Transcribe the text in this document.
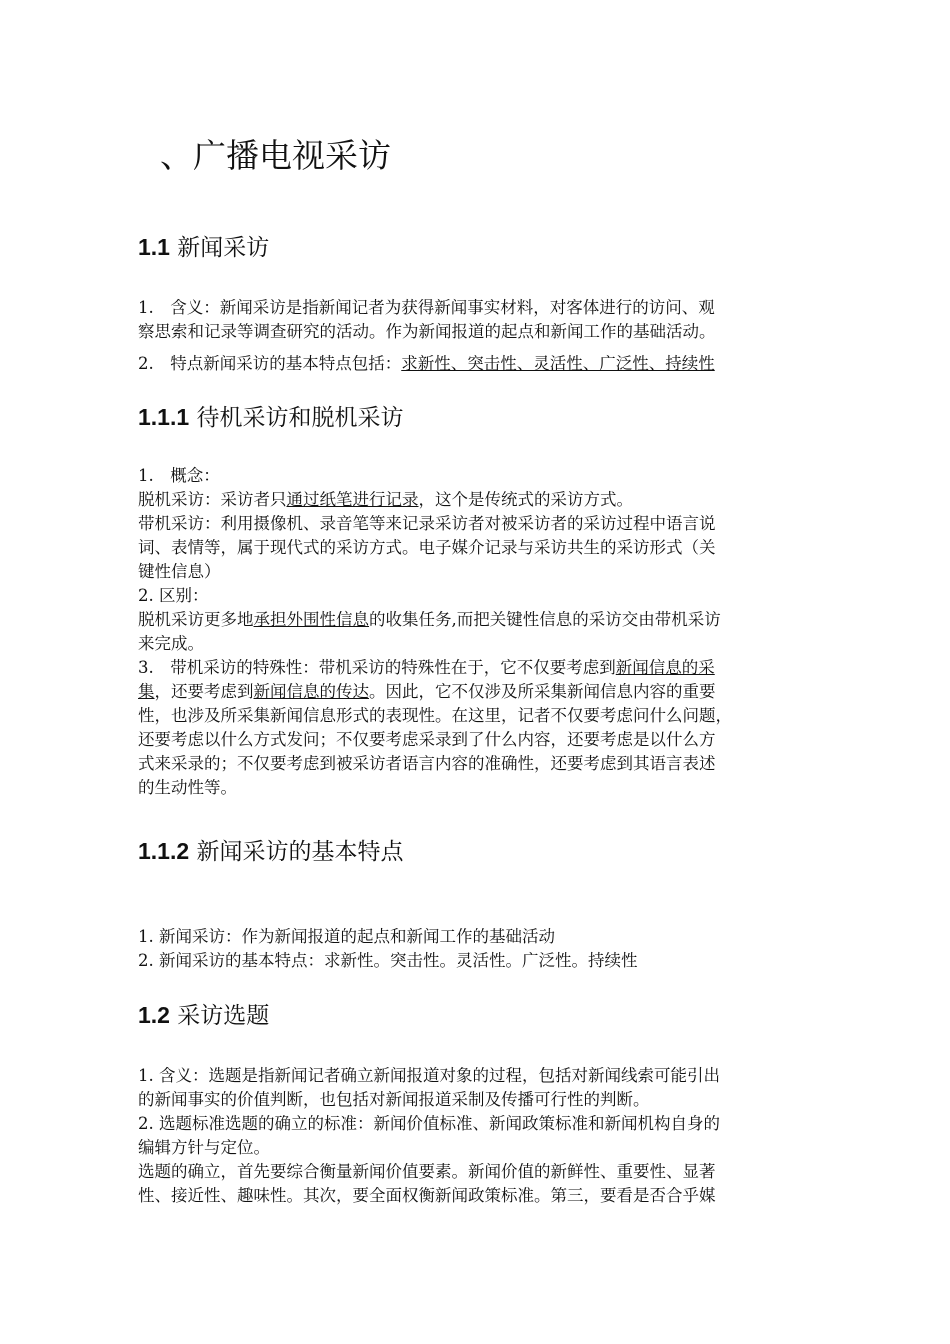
、广播电视采访
1.1 新闻采访
1.　含义：新闻采访是指新闻记者为获得新闻事实材料，对客体进行的访问、观
察思索和记录等调查研究的活动。作为新闻报道的起点和新闻工作的基础活动。
2.　特点新闻采访的基本特点包括：求新性、突击性、灵活性、广泛性、持续性
1.1.1 待机采访和脱机采访
1.　概念：
脱机采访：采访者只通过纸笔进行记录，这个是传统式的采访方式。
带机采访：利用摄像机、录音笔等来记录采访者对被采访者的采访过程中语言说
词、表情等，属于现代式的采访方式。电子媒介记录与采访共生的采访形式（关
键性信息）
2. 区别：
脱机采访更多地承担外围性信息的收集任务,而把关键性信息的采访交由带机采访
来完成。
3.　带机采访的特殊性：带机采访的特殊性在于，它不仅要考虑到新闻信息的采
集，还要考虑到新闻信息的传达。因此，它不仅涉及所采集新闻信息内容的重要
性，也涉及所采集新闻信息形式的表现性。在这里，记者不仅要考虑问什么问题，
还要考虑以什么方式发问；不仅要考虑采录到了什么内容，还要考虑是以什么方
式来采录的；不仅要考虑到被采访者语言内容的准确性，还要考虑到其语言表述
的生动性等。
1.1.2 新闻采访的基本特点
1. 新闻采访：作为新闻报道的起点和新闻工作的基础活动
2. 新闻采访的基本特点：求新性。突击性。灵活性。广泛性。持续性
1.2 采访选题
1. 含义：选题是指新闻记者确立新闻报道对象的过程，包括对新闻线索可能引出
的新闻事实的价值判断，也包括对新闻报道采制及传播可行性的判断。
2. 选题标准选题的确立的标准：新闻价值标准、新闻政策标准和新闻机构自身的
编辑方针与定位。
选题的确立，首先要综合衡量新闻价值要素。新闻价值的新鲜性、重要性、显著
性、接近性、趣味性。其次，要全面权衡新闻政策标准。第三，要看是否合乎媒
